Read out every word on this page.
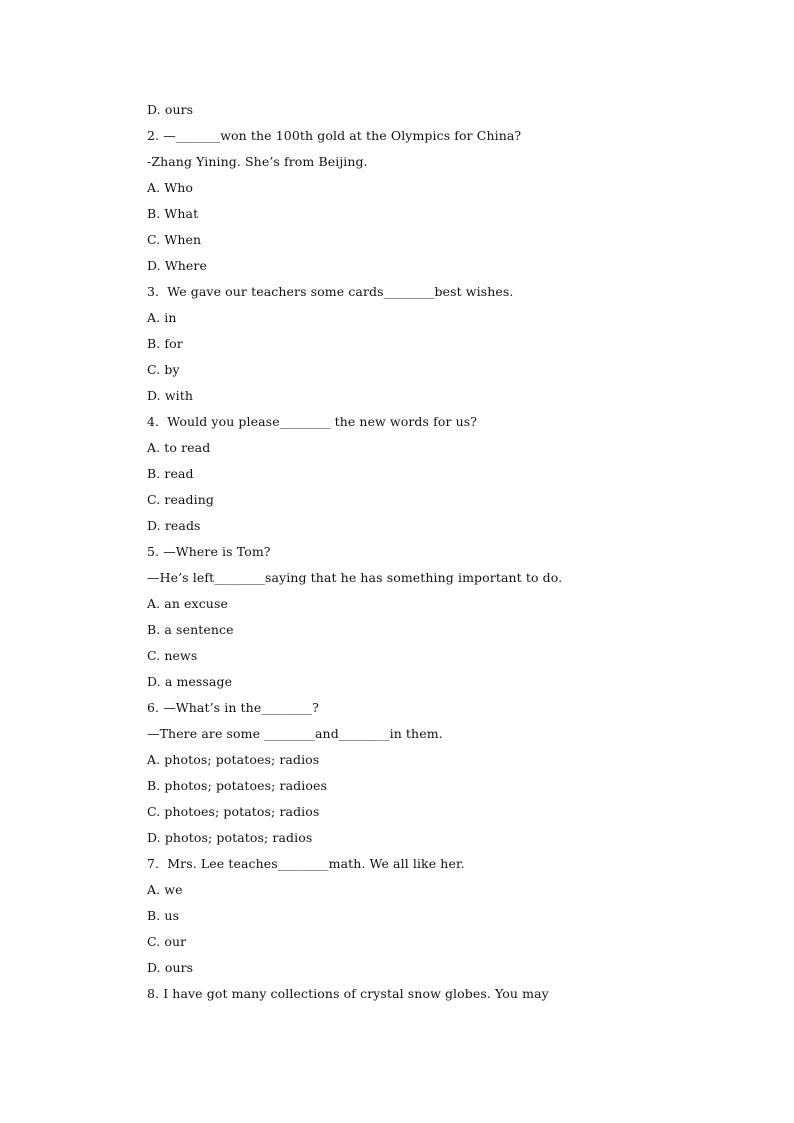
D. ours
2. —_______won the 100th gold at the Olympics for China?
-Zhang Yining. She’s from Beijing.
A. Who
B. What
C. When
D. Where
3.  We gave our teachers some cards________best wishes.
A. in
B. for
C. by
D. with
4.  Would you please________ the new words for us?
A. to read
B. read
C. reading
D. reads
5. —Where is Tom?
—He’s left________saying that he has something important to do.
A. an excuse
B. a sentence
C. news
D. a message
6. —What’s in the________?
—There are some ________and________in them.
A. photos; potatoes; radios
B. photos; potatoes; radioes
C. photoes; potatos; radios
D. photos; potatos; radios
7.  Mrs. Lee teaches________math. We all like her.
A. we
B. us
C. our
D. ours
8. I have got many collections of crystal snow globes. You may
